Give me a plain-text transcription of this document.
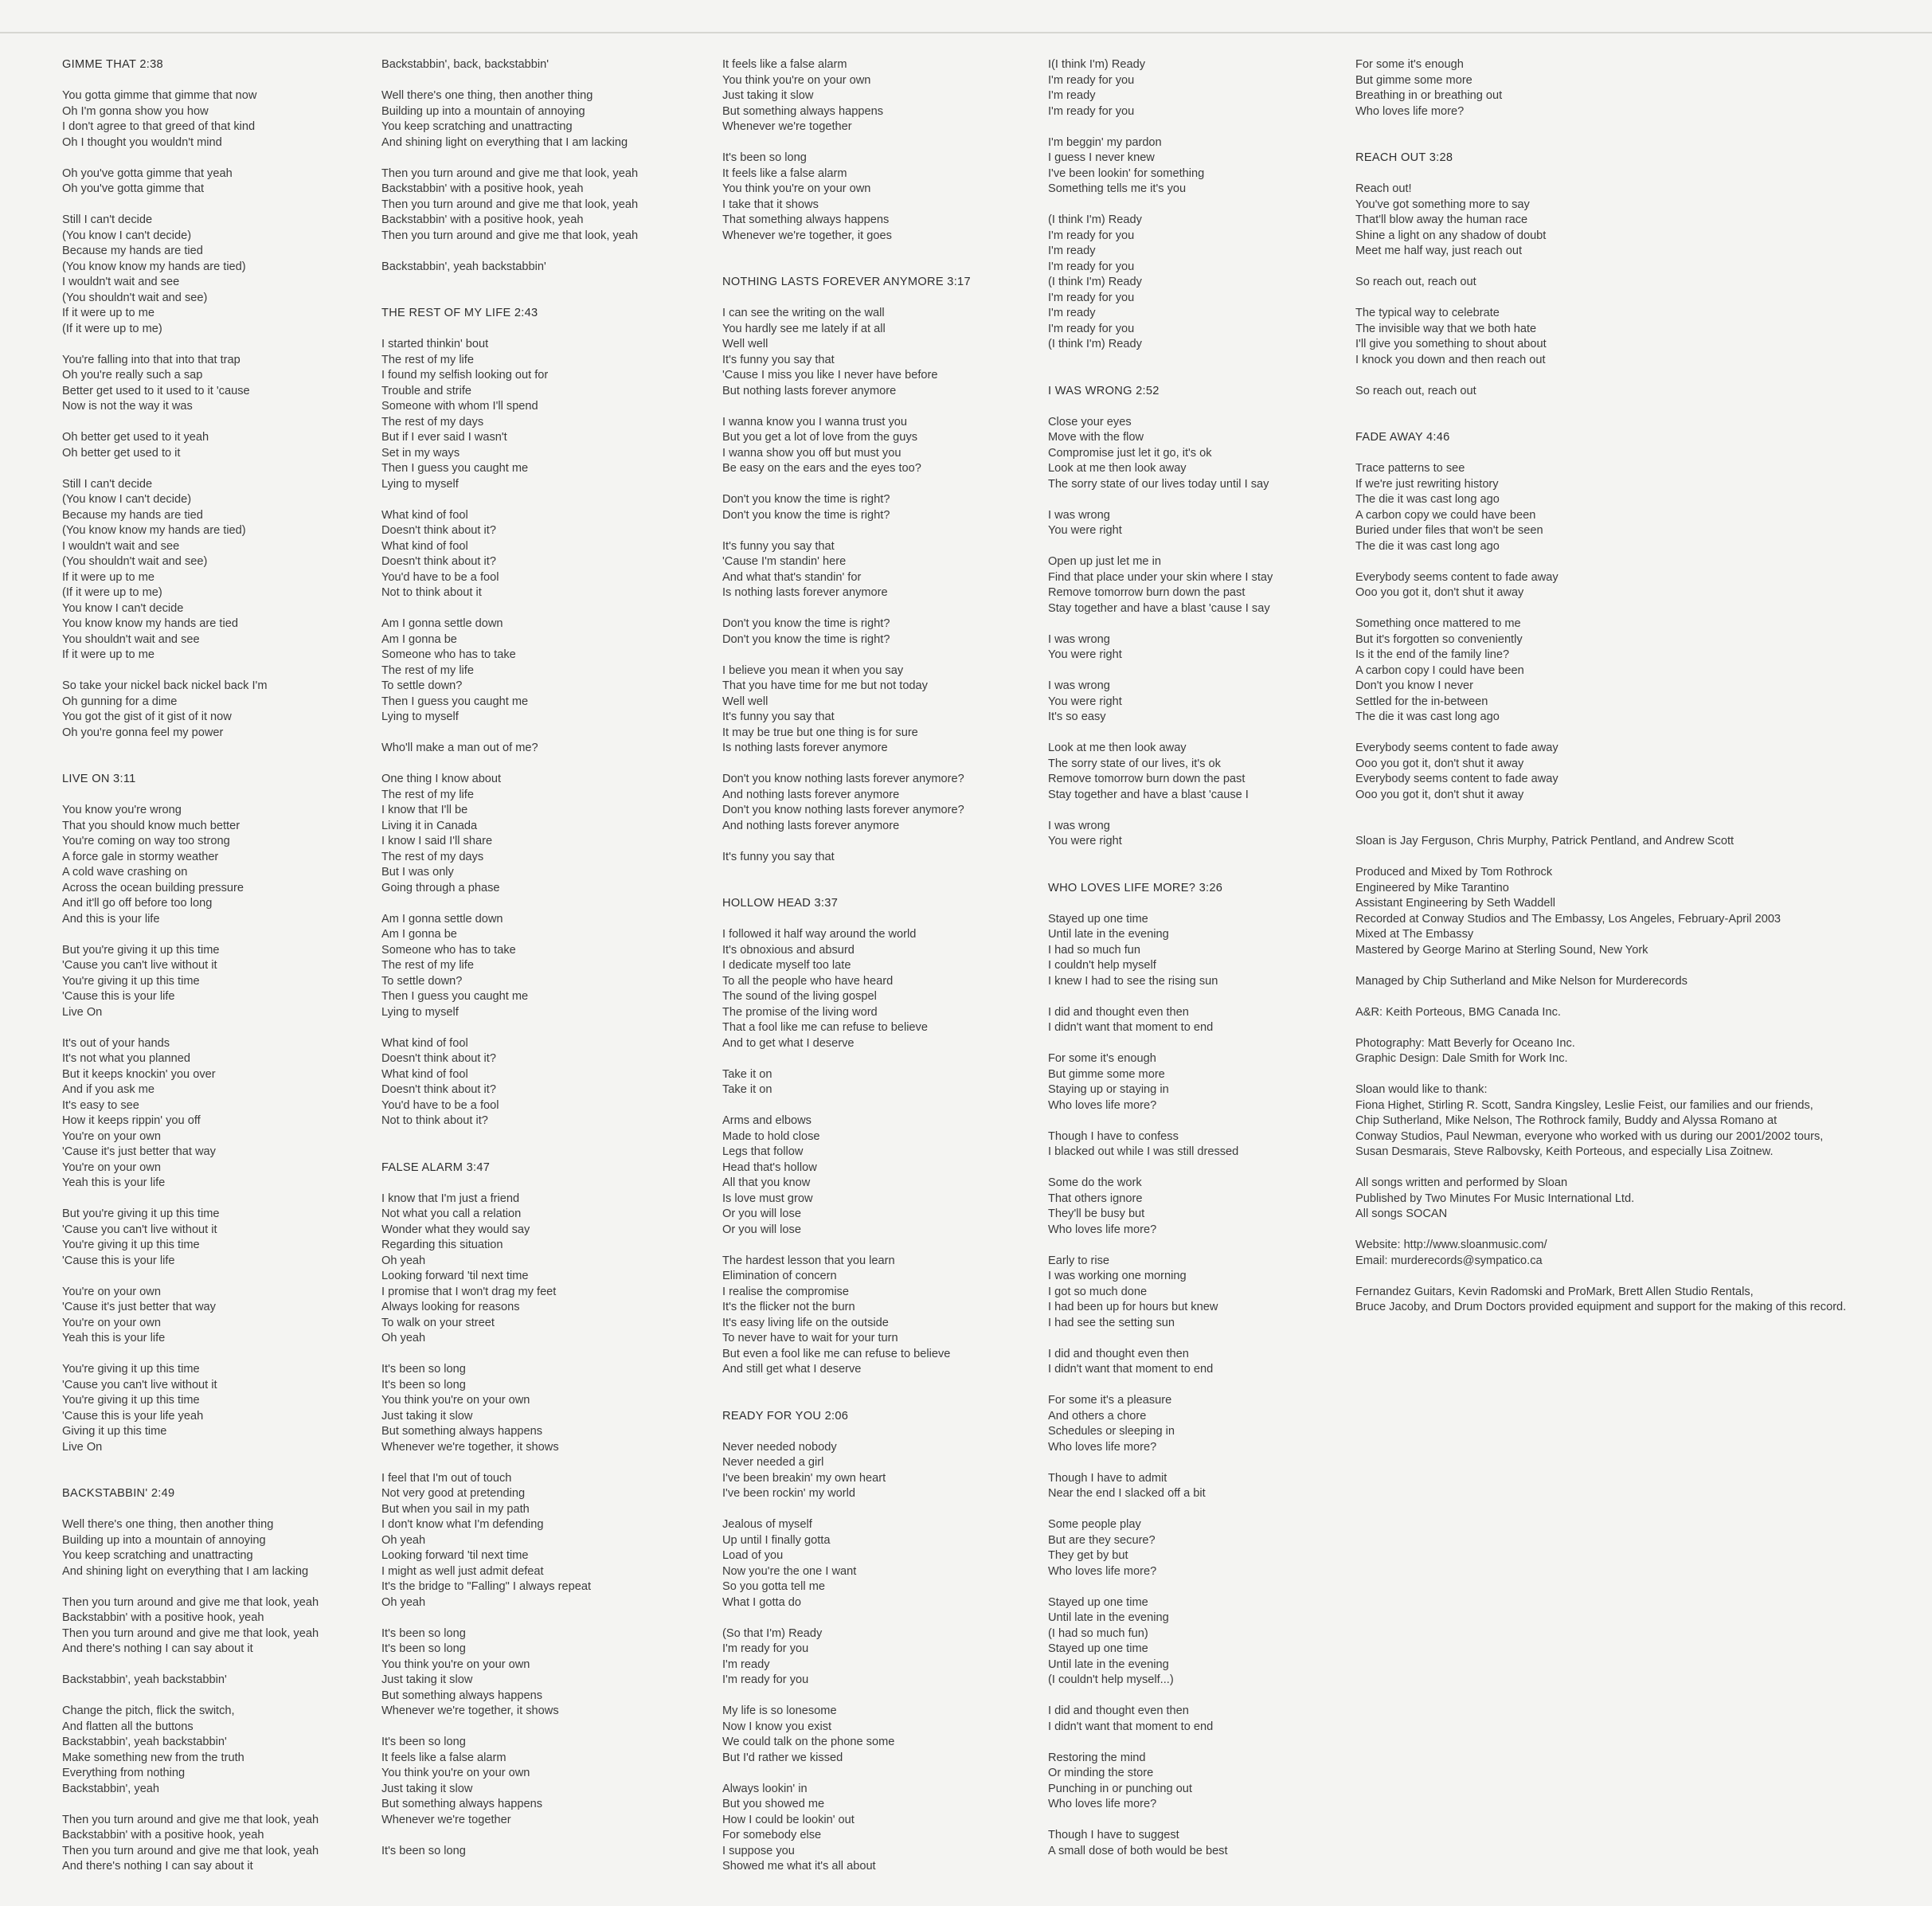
GIMME THAT 2:38
You gotta gimme that gimme that now
Oh I'm gonna show you how
I don't agree to that greed of that kind
Oh I thought you wouldn't mind
Oh you've gotta gimme that yeah
Oh you've gotta gimme that
Still I can't decide
(You know I can't decide)
Because my hands are tied
(You know know my hands are tied)
I wouldn't wait and see
(You shouldn't wait and see)
If it were up to me
(If it were up to me)
You're falling into that into that trap
Oh you're really such a sap
Better get used to it used to it 'cause
Now is not the way it was
Oh better get used to it yeah
Oh better get used to it
Still I can't decide
(You know I can't decide)
Because my hands are tied
(You know know my hands are tied)
I wouldn't wait and see
(You shouldn't wait and see)
If it were up to me
(If it were up to me)
You know I can't decide
You know know my hands are tied
You shouldn't wait and see
If it were up to me
So take your nickel back nickel back I'm
Oh gunning for a dime
You got the gist of it gist of it now
Oh you're gonna feel my power
LIVE ON 3:11
You know you're wrong
That you should know much better
You're coming on way too strong
A force gale in stormy weather
A cold wave crashing on
Across the ocean building pressure
And it'll go off before too long
And this is your life
But you're giving it up this time
'Cause you can't live without it
You're giving it up this time
'Cause this is your life
Live On
It's out of your hands
It's not what you planned
But it keeps knockin' you over
And if you ask me
It's easy to see
How it keeps rippin' you off
You're on your own
'Cause it's just better that way
You're on your own
Yeah this is your life
But you're giving it up this time
'Cause you can't live without it
You're giving it up this time
'Cause this is your life
You're on your own
'Cause it's just better that way
You're on your own
Yeah this is your life
You're giving it up this time
'Cause you can't live without it
You're giving it up this time
'Cause this is your life yeah
Giving it up this time
Live On
BACKSTABBIN' 2:49
Well there's one thing, then another thing
Building up into a mountain of annoying
You keep scratching and unattracting
And shining light on everything that I am lacking
Then you turn around and give me that look, yeah
Backstabbin' with a positive hook, yeah
Then you turn around and give me that look, yeah
And there's nothing I can say about it
Backstabbin', yeah backstabbin'
Change the pitch, flick the switch,
And flatten all the buttons
Backstabbin', yeah backstabbin'
Make something new from the truth
Everything from nothing
Backstabbin', yeah
Then you turn around and give me that look, yeah
Backstabbin' with a positive hook, yeah
Then you turn around and give me that look, yeah
And there's nothing I can say about it
Backstabbin', back, backstabbin'
Well there's one thing, then another thing
Building up into a mountain of annoying
You keep scratching and unattracting
And shining light on everything that I am lacking
Then you turn around and give me that look, yeah
Backstabbin' with a positive hook, yeah
Then you turn around and give me that look, yeah
Backstabbin' with a positive hook, yeah
Then you turn around and give me that look, yeah
Backstabbin', yeah backstabbin'
THE REST OF MY LIFE 2:43
I started thinkin' bout
The rest of my life
I found my selfish looking out for
Trouble and strife
Someone with whom I'll spend
The rest of my days
But if I ever said I wasn't
Set in my ways
Then I guess you caught me
Lying to myself
What kind of fool
Doesn't think about it?
What kind of fool
Doesn't think about it?
You'd have to be a fool
Not to think about it
Am I gonna settle down
Am I gonna be
Someone who has to take
The rest of my life
To settle down?
Then I guess you caught me
Lying to myself
Who'll make a man out of me?
One thing I know about
The rest of my life
I know that I'll be
Living it in Canada
I know I said I'll share
The rest of my days
But I was only
Going through a phase
Am I gonna settle down
Am I gonna be
Someone who has to take
The rest of my life
To settle down?
Then I guess you caught me
Lying to myself
What kind of fool
Doesn't think about it?
What kind of fool
Doesn't think about it?
You'd have to be a fool
Not to think about it?
FALSE ALARM 3:47
I know that I'm just a friend
Not what you call a relation
Wonder what they would say
Regarding this situation
Oh yeah
Looking forward 'til next time
I promise that I won't drag my feet
Always looking for reasons
To walk on your street
Oh yeah
It's been so long
It's been so long
You think you're on your own
Just taking it slow
But something always happens
Whenever we're together, it shows
I feel that I'm out of touch
Not very good at pretending
But when you sail in my path
I don't know what I'm defending
Oh yeah
Looking forward 'til next time
I might as well just admit defeat
It's the bridge to "Falling" I always repeat
Oh yeah
It's been so long
It's been so long
You think you're on your own
Just taking it slow
But something always happens
Whenever we're together, it shows
It's been so long
It feels like a false alarm
You think you're on your own
Just taking it slow
But something always happens
Whenever we're together
It's been so long
It feels like a false alarm
You think you're on your own
Just taking it slow
But something always happens
Whenever we're together
It's been so long
It feels like a false alarm
You think you're on your own
I take that it shows
That something always happens
Whenever we're together, it goes
NOTHING LASTS FOREVER ANYMORE 3:17
I can see the writing on the wall
You hardly see me lately if at all
Well well
It's funny you say that
'Cause I miss you like I never have before
But nothing lasts forever anymore
I wanna know you I wanna trust you
But you get a lot of love from the guys
I wanna show you off but must you
Be easy on the ears and the eyes too?
Don't you know the time is right?
Don't you know the time is right?
It's funny you say that
'Cause I'm standin' here
And what that's standin' for
Is nothing lasts forever anymore
Don't you know the time is right?
Don't you know the time is right?
I believe you mean it when you say
That you have time for me but not today
Well well
It's funny you say that
It may be true but one thing is for sure
Is nothing lasts forever anymore
Don't you know nothing lasts forever anymore?
And nothing lasts forever anymore
Don't you know nothing lasts forever anymore?
And nothing lasts forever anymore
It's funny you say that
HOLLOW HEAD 3:37
I followed it half way around the world
It's obnoxious and absurd
I dedicate myself too late
To all the people who have heard
The sound of the living gospel
The promise of the living word
That a fool like me can refuse to believe
And to get what I deserve
Take it on
Take it on
Arms and elbows
Made to hold close
Legs that follow
Head that's hollow
All that you know
Is love must grow
Or you will lose
Or you will lose
The hardest lesson that you learn
Elimination of concern
I realise the compromise
It's the flicker not the burn
It's easy living life on the outside
To never have to wait for your turn
But even a fool like me can refuse to believe
And still get what I deserve
READY FOR YOU 2:06
Never needed nobody
Never needed a girl
I've been breakin' my own heart
I've been rockin' my world
Jealous of myself
Up until I finally gotta
Load of you
Now you're the one I want
So you gotta tell me
What I gotta do
(So that I'm) Ready
I'm ready for you
I'm ready
I'm ready for you
My life is so lonesome
Now I know you exist
We could talk on the phone some
But I'd rather we kissed
Always lookin' in
But you showed me
How I could be lookin' out
For somebody else
I suppose you
Showed me what it's all about
I(I think I'm) Ready
I'm ready for you
I'm ready
I'm ready for you
I'm beggin' my pardon
I guess I never knew
I've been lookin' for something
Something tells me it's you
(I think I'm) Ready
I'm ready for you
I'm ready
I'm ready for you
(I think I'm) Ready
I'm ready for you
I'm ready
I'm ready for you
(I think I'm) Ready
I WAS WRONG 2:52
Close your eyes
Move with the flow
Compromise just let it go, it's ok
Look at me then look away
The sorry state of our lives today until I say
I was wrong
You were right
Open up just let me in
Find that place under your skin where I stay
Remove tomorrow burn down the past
Stay together and have a blast 'cause I say
I was wrong
You were right
I was wrong
You were right
It's so easy
Look at me then look away
The sorry state of our lives, it's ok
Remove tomorrow burn down the past
Stay together and have a blast 'cause I
I was wrong
You were right
WHO LOVES LIFE MORE? 3:26
Stayed up one time
Until late in the evening
I had so much fun
I couldn't help myself
I knew I had to see the rising sun
I did and thought even then
I didn't want that moment to end
For some it's enough
But gimme some more
Staying up or staying in
Who loves life more?
Though I have to confess
I blacked out while I was still dressed
Some do the work
That others ignore
They'll be busy but
Who loves life more?
Early to rise
I was working one morning
I got so much done
I had been up for hours but knew
I had see the setting sun
I did and thought even then
I didn't want that moment to end
For some it's a pleasure
And others a chore
Schedules or sleeping in
Who loves life more?
Though I have to admit
Near the end I slacked off a bit
Some people play
But are they secure?
They get by but
Who loves life more?
Stayed up one time
Until late in the evening
(I had so much fun)
Stayed up one time
Until late in the evening
(I couldn't help myself...)
I did and thought even then
I didn't want that moment to end
Restoring the mind
Or minding the store
Punching in or punching out
Who loves life more?
Though I have to suggest
A small dose of both would be best
For some it's enough
But gimme some more
Breathing in or breathing out
Who loves life more?
REACH OUT 3:28
Reach out!
You've got something more to say
That'll blow away the human race
Shine a light on any shadow of doubt
Meet me half way, just reach out
So reach out, reach out
The typical way to celebrate
The invisible way that we both hate
I'll give you something to shout about
I knock you down and then reach out
So reach out, reach out
FADE AWAY 4:46
Trace patterns to see
If we're just rewriting history
The die it was cast long ago
A carbon copy we could have been
Buried under files that won't be seen
The die it was cast long ago
Everybody seems content to fade away
Ooo you got it, don't shut it away
Something once mattered to me
But it's forgotten so conveniently
Is it the end of the family line?
A carbon copy I could have been
Don't you know I never
Settled for the in-between
The die it was cast long ago
Everybody seems content to fade away
Ooo you got it, don't shut it away
Everybody seems content to fade away
Ooo you got it, don't shut it away
Sloan is Jay Ferguson, Chris Murphy, Patrick Pentland, and Andrew Scott
Produced and Mixed by Tom Rothrock
Engineered by Mike Tarantino
Assistant Engineering by Seth Waddell
Recorded at Conway Studios and The Embassy, Los Angeles, February-April 2003
Mixed at The Embassy
Mastered by George Marino at Sterling Sound, New York
Managed by Chip Sutherland and Mike Nelson for Murderecords
A&R: Keith Porteous, BMG Canada Inc.
Photography: Matt Beverly for Oceano Inc.
Graphic Design: Dale Smith for Work Inc.
Sloan would like to thank:
Fiona Highet, Stirling R. Scott, Sandra Kingsley, Leslie Feist, our families and our friends,
Chip Sutherland, Mike Nelson, The Rothrock family, Buddy and Alyssa Romano at
Conway Studios, Paul Newman, everyone who worked with us during our 2001/2002 tours,
Susan Desmarais, Steve Ralbovsky, Keith Porteous, and especially Lisa Zoitnew.
All songs written and performed by Sloan
Published by Two Minutes For Music International Ltd.
All songs SOCAN
Website: http://www.sloanmusic.com/
Email: murderecords@sympatico.ca
Fernandez Guitars, Kevin Radomski and ProMark, Brett Allen Studio Rentals,
Bruce Jacoby, and Drum Doctors provided equipment and support for the making of this record.
